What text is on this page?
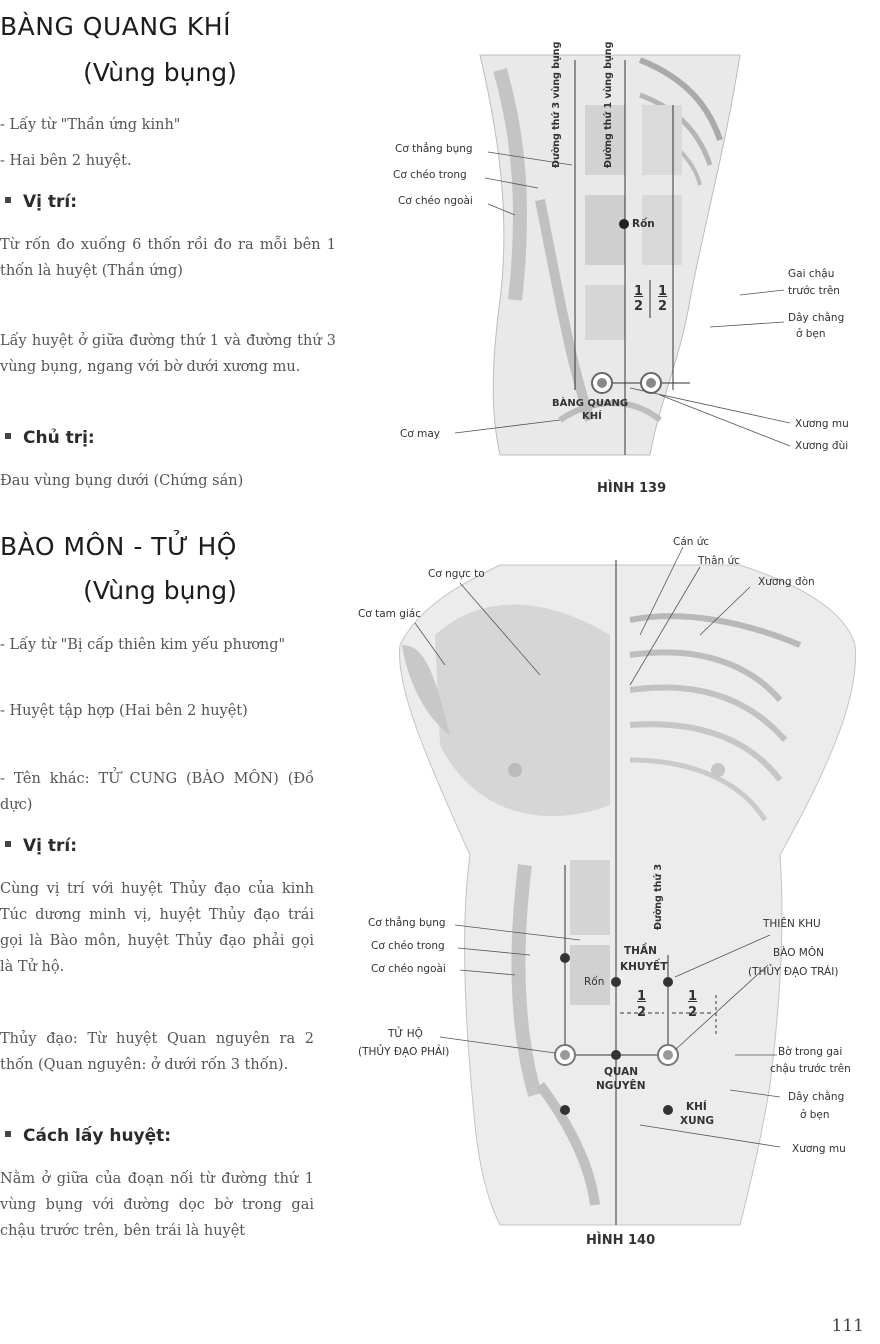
BÀNG QUANG KHÍ
(Vùng bụng)

- Lấy từ "Thần ứng kinh"

- Hai bên 2 huyệt.

Vị trí:

Từ rốn đo xuống 6 thốn rồi đo ra mỗi bên 1 thốn là huyệt (Thần ứng)

Lấy huyệt ở giữa đường thứ 1 và đường thứ 3 vùng bụng, ngang với bờ dưới xương mu.

Chủ trị:

Đau vùng bụng dưới (Chứng sán)

BÀO MÔN - TỬ HỘ
(Vùng bụng)

- Lấy từ "Bị cấp thiên kim yếu phương"

- Huyệt tập hợp (Hai bên 2 huyệt)

- Tên khác: TỬ CUNG (BÀO MÔN) (Đồ dực)

Vị trí:

Cùng vị trí với huyệt Thủy đạo của kinh Túc dương minh vị, huyệt Thủy đạo trái gọi là Bào môn, huyệt Thủy đạo phải gọi là Tử hộ.

Thủy đạo: Từ huyệt Quan nguyên ra 2 thốn (Quan nguyên: ở dưới rốn 3 thốn).

Cách lấy huyệt:

Nằm ở giữa của đoạn nối từ đường thứ 1 vùng bụng với đường dọc bờ trong gai chậu trước trên, bên trái là huyệt

Đường thứ 3 vùng bụng	Đường thứ 1 vùng bụng
Cơ thẳng bụng
Cơ chéo trong
Cơ chéo ngoài
Rốn
Gai chậu
trước trên
Dây chằng
ở bẹn
1
2
1
2
BÀNG QUANG
KHÍ
Cơ may
Xương mu
Xương đùi
HÌNH 139
Cán ức
Thân ức
Cơ ngực to
Xương đòn
Cơ tam giác
Đường thứ 3
Cơ thẳng bụng
Cơ chéo trong
Cơ chéo ngoài
THẦN
KHUYẾT
Rốn
THIÊN KHU
BÀO MÔN
(THỦY ĐẠO TRÁI)
1
2
1
2
TỬ HỘ
(THỦY ĐẠO PHẢI)	Bờ trong gai
chậu trước trên
QUAN
NGUYÊN
Dây chằng
ở bẹn
KHÍ
XUNG
Xương mu
HÌNH 140
111
